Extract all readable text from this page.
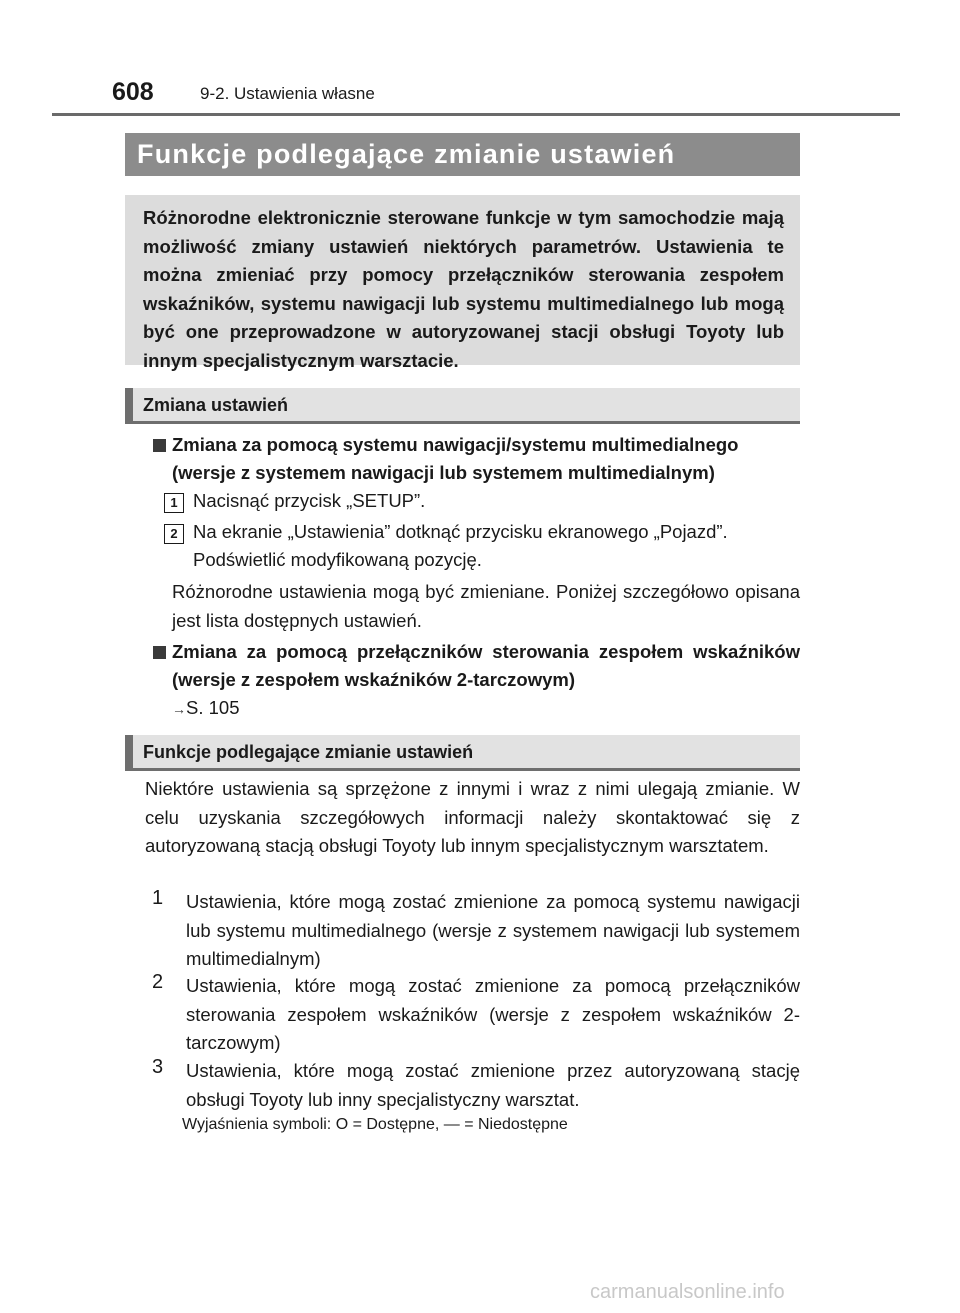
608	9-2. Ustawienia własne
Funkcje podlegające zmianie ustawień
Różnorodne elektronicznie sterowane funkcje w tym samochodzie mają możliwość zmiany ustawień niektórych parametrów. Ustawienia te można zmieniać przy pomocy przełączników sterowania zespołem wskaźników, systemu nawigacji lub systemu multimedialnego lub mogą być one przeprowadzone w autoryzowanej stacji obsługi Toyoty lub innym specjalistycznym warsztacie.
Zmiana ustawień
Zmiana za pomocą systemu nawigacji/systemu multimedialnego
(wersje z systemem nawigacji lub systemem multimedialnym)
1 Nacisnąć przycisk „SETUP”.
2 Na ekranie „Ustawienia” dotknąć przycisku ekranowego „Pojazd”.
Podświetlić modyfikowaną pozycję.
Różnorodne ustawienia mogą być zmieniane. Poniżej szczegółowo opisana jest lista dostępnych ustawień.
Zmiana za pomocą przełączników sterowania zespołem wskaźników (wersje z zespołem wskaźników 2-tarczowym)
→S. 105
Funkcje podlegające zmianie ustawień
Niektóre ustawienia są sprzężone z innymi i wraz z nimi ulegają zmianie. W celu uzyskania szczegółowych informacji należy skontaktować się z autoryzowaną stacją obsługi Toyoty lub innym specjalistycznym warsztatem.
1 Ustawienia, które mogą zostać zmienione za pomocą systemu nawigacji lub systemu multimedialnego (wersje z systemem nawigacji lub systemem multimedialnym)
2 Ustawienia, które mogą zostać zmienione za pomocą przełączników sterowania zespołem wskaźników (wersje z zespołem wskaźników 2-tarczowym)
3 Ustawienia, które mogą zostać zmienione przez autoryzowaną stację obsługi Toyoty lub inny specjalistyczny warsztat.
Wyjaśnienia symboli: O = Dostępne, — = Niedostępne
carmanualsonline.info
